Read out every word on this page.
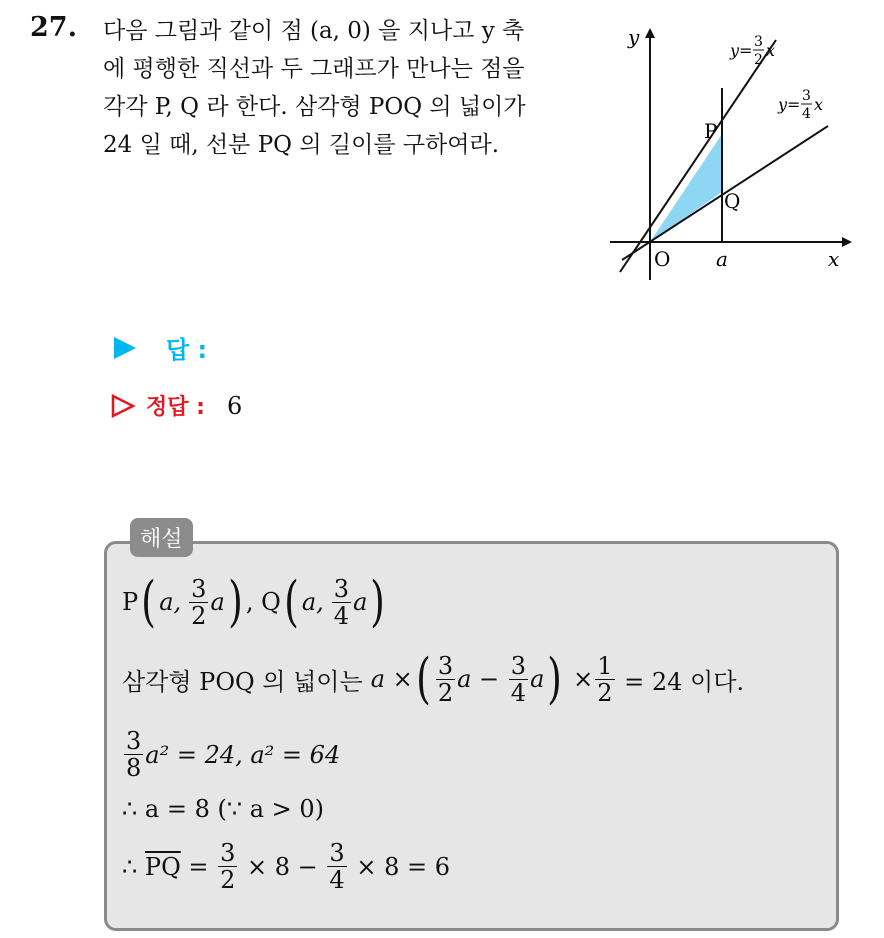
27. 다음 그림과 같이 점 (a, 0) 을 지나고 y 축
에 평행한 직선과 두 그래프가 만나는 점을
각각 P, Q 라 한다. 삼각형 POQ 의 넓이가
24 일 때, 선분 PQ 의 길이를 구하여라.
y
x
O a
P
Q
y= 3
2 x
y= 3
4 x
답 :
정답 : 6
해설
P ( a, $\frac{3}{2}$ a ) , Q ( a, $\frac{3}{4}$ a )
삼각형 POQ 의 넓이는 a × ( $\frac{3}{2}$ $a - \frac{3}{4}$ a ) × $\frac{1}{2}$
= 24 이다.
$\frac{3}{8} a^2 = 24$, a² = 64
∴ a = 8 (∵ a > 0)
∴
$\overline{PQ} = \frac{3}{2} \times 8 - \frac{3}{4} \times 8 = 6$
